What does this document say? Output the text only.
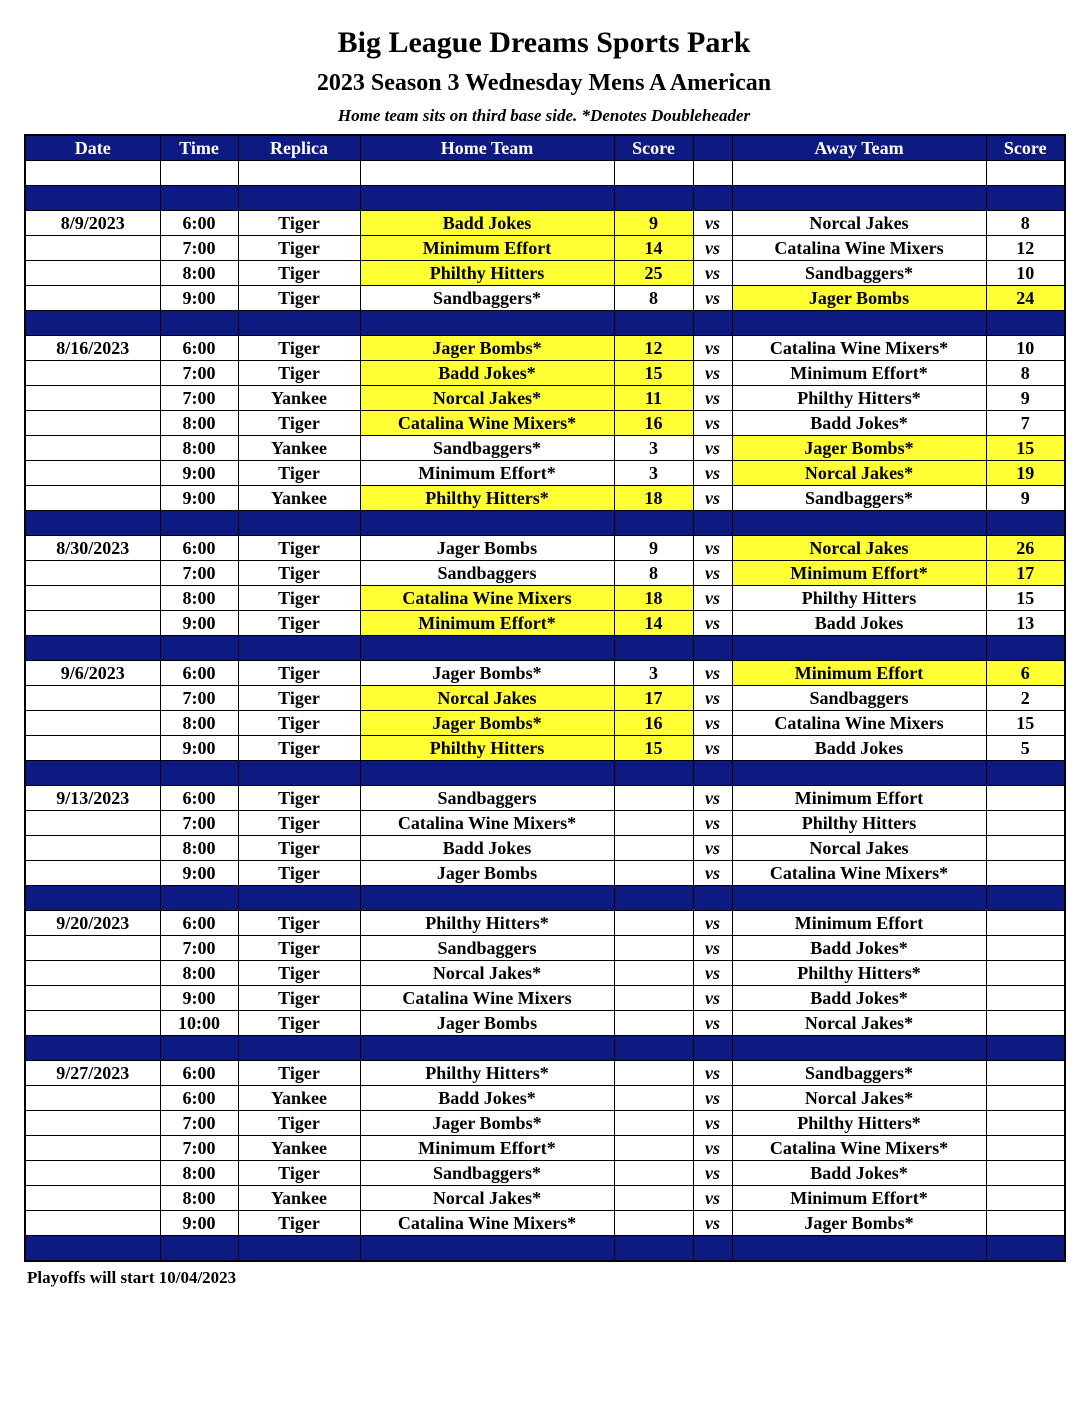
Big League Dreams Sports Park
2023 Season 3 Wednesday Mens A American
Home team sits on third base side. *Denotes Doubleheader
Date	Time	Replica	Home Team	Score		Away Team	Score

8/9/2023	6:00	Tiger	Badd Jokes	9	vs	Norcal Jakes	8
	7:00	Tiger	Minimum Effort	14	vs	Catalina Wine Mixers	12
	8:00	Tiger	Philthy Hitters	25	vs	Sandbaggers*	10
	9:00	Tiger	Sandbaggers*	8	vs	Jager Bombs	24

8/16/2023	6:00	Tiger	Jager Bombs*	12	vs	Catalina Wine Mixers*	10
	7:00	Tiger	Badd Jokes*	15	vs	Minimum Effort*	8
	7:00	Yankee	Norcal Jakes*	11	vs	Philthy Hitters*	9
	8:00	Tiger	Catalina Wine Mixers*	16	vs	Badd Jokes*	7
	8:00	Yankee	Sandbaggers*	3	vs	Jager Bombs*	15
	9:00	Tiger	Minimum Effort*	3	vs	Norcal Jakes*	19
	9:00	Yankee	Philthy Hitters*	18	vs	Sandbaggers*	9

8/30/2023	6:00	Tiger	Jager Bombs	9	vs	Norcal Jakes	26
	7:00	Tiger	Sandbaggers	8	vs	Minimum Effort*	17
	8:00	Tiger	Catalina Wine Mixers	18	vs	Philthy Hitters	15
	9:00	Tiger	Minimum Effort*	14	vs	Badd Jokes	13

9/6/2023	6:00	Tiger	Jager Bombs*	3	vs	Minimum Effort	6
	7:00	Tiger	Norcal Jakes	17	vs	Sandbaggers	2
	8:00	Tiger	Jager Bombs*	16	vs	Catalina Wine Mixers	15
	9:00	Tiger	Philthy Hitters	15	vs	Badd Jokes	5

9/13/2023	6:00	Tiger	Sandbaggers		vs	Minimum Effort	
	7:00	Tiger	Catalina Wine Mixers*		vs	Philthy Hitters	
	8:00	Tiger	Badd Jokes		vs	Norcal Jakes	
	9:00	Tiger	Jager Bombs		vs	Catalina Wine Mixers*	

9/20/2023	6:00	Tiger	Philthy Hitters*		vs	Minimum Effort	
	7:00	Tiger	Sandbaggers		vs	Badd Jokes*	
	8:00	Tiger	Norcal Jakes*		vs	Philthy Hitters*	
	9:00	Tiger	Catalina Wine Mixers		vs	Badd Jokes*	
	10:00	Tiger	Jager Bombs		vs	Norcal Jakes*	

9/27/2023	6:00	Tiger	Philthy Hitters*		vs	Sandbaggers*	
	6:00	Yankee	Badd Jokes*		vs	Norcal Jakes*	
	7:00	Tiger	Jager Bombs*		vs	Philthy Hitters*	
	7:00	Yankee	Minimum Effort*		vs	Catalina Wine Mixers*	
	8:00	Tiger	Sandbaggers*		vs	Badd Jokes*	
	8:00	Yankee	Norcal Jakes*		vs	Minimum Effort*	
	9:00	Tiger	Catalina Wine Mixers*		vs	Jager Bombs*	

Playoffs will start 10/04/2023
